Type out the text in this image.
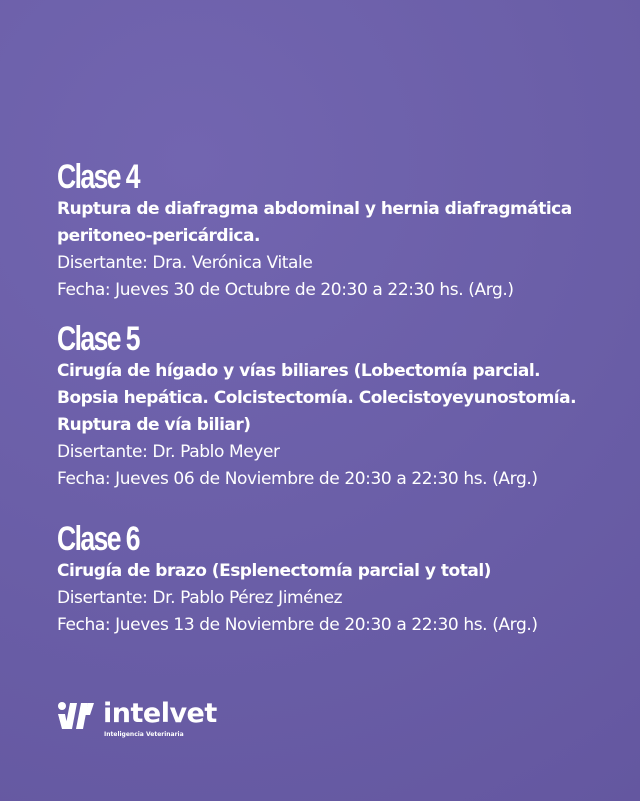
Clase 4

Ruptura de diafragma abdominal y hernia diafragmática

peritoneo-pericárdica.

Disertante: Dra. Verónica Vitale

Fecha: Jueves 30 de Octubre de 20:30 a 22:30 hs. (Arg.)

Clase 5

Cirugía de hígado y vías biliares (Lobectomía parcial.

Bopsia hepática. Colcistectomía. Colecistoyeyunostomía.

Ruptura de vía biliar)

Disertante: Dr. Pablo Meyer

Fecha: Jueves 06 de Noviembre de 20:30 a 22:30 hs. (Arg.)

Clase 6

Cirugía de brazo (Esplenectomía parcial y total)

Disertante: Dr. Pablo Pérez Jiménez

Fecha: Jueves 13 de Noviembre de 20:30 a 22:30 hs. (Arg.)

intelvet
Inteligencia Veterinaria
